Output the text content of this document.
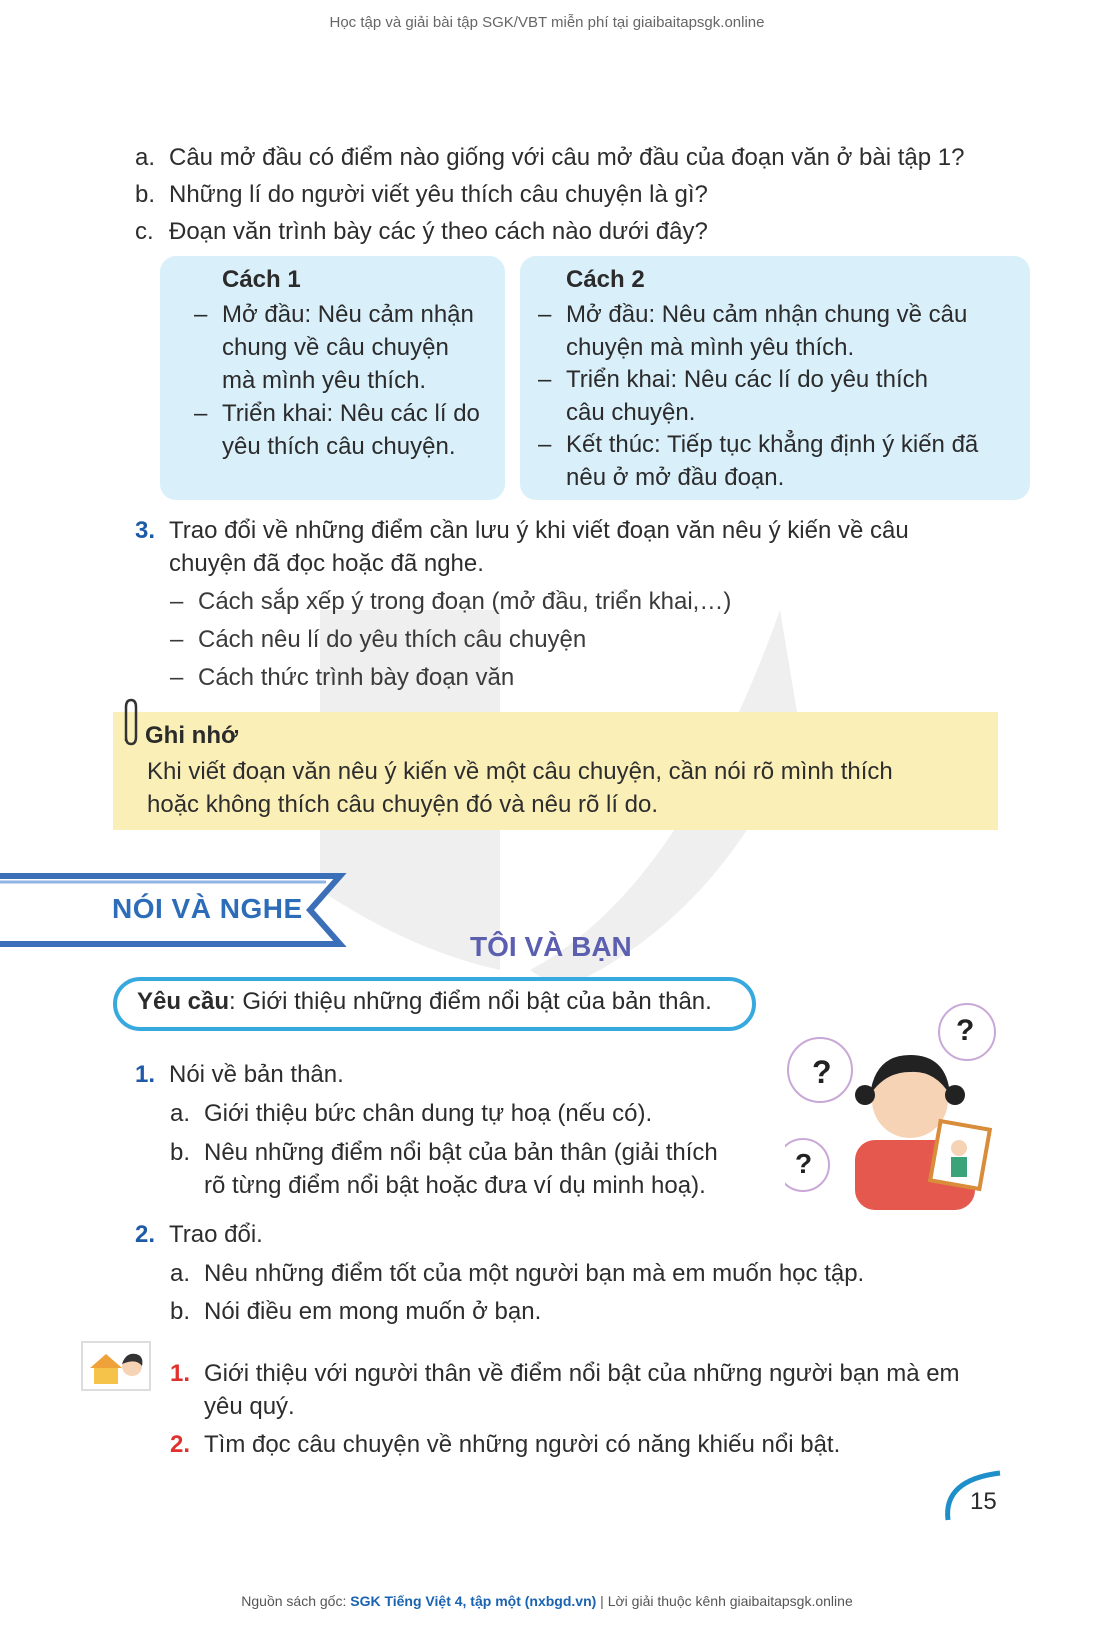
Học tập và giải bài tập SGK/VBT miễn phí tại giaibaitapsgk.online
a. Câu mở đầu có điểm nào giống với câu mở đầu của đoạn văn ở bài tập 1?
b. Những lí do người viết yêu thích câu chuyện là gì?
c. Đoạn văn trình bày các ý theo cách nào dưới đây?
Cách 1
– Mở đầu: Nêu cảm nhận
chung về câu chuyện
mà mình yêu thích.
– Triển khai: Nêu các lí do
yêu thích câu chuyện.
Cách 2
– Mở đầu: Nêu cảm nhận chung về câu
chuyện mà mình yêu thích.
– Triển khai: Nêu các lí do yêu thích
câu chuyện.
– Kết thúc: Tiếp tục khẳng định ý kiến đã
nêu ở mở đầu đoạn.
3. Trao đổi về những điểm cần lưu ý khi viết đoạn văn nêu ý kiến về câu
chuyện đã đọc hoặc đã nghe.
– Cách sắp xếp ý trong đoạn (mở đầu, triển khai,…)
– Cách nêu lí do yêu thích câu chuyện
– Cách thức trình bày đoạn văn
Ghi nhớ
Khi viết đoạn văn nêu ý kiến về một câu chuyện, cần nói rõ mình thích
hoặc không thích câu chuyện đó và nêu rõ lí do.
NÓI VÀ NGHE
TÔI VÀ BẠN
Yêu cầu: Giới thiệu những điểm nổi bật của bản thân.
1. Nói về bản thân.
a. Giới thiệu bức chân dung tự hoạ (nếu có).
b. Nêu những điểm nổi bật của bản thân (giải thích
rõ từng điểm nổi bật hoặc đưa ví dụ minh hoạ).
2. Trao đổi.
a. Nêu những điểm tốt của một người bạn mà em muốn học tập.
b. Nói điều em mong muốn ở bạn.
?
?
?
1. Giới thiệu với người thân về điểm nổi bật của những người bạn mà em
yêu quý.
2. Tìm đọc câu chuyện về những người có năng khiếu nổi bật.
15
Nguồn sách gốc: SGK Tiếng Việt 4, tập một (nxbgd.vn) | Lời giải thuộc kênh giaibaitapsgk.online
